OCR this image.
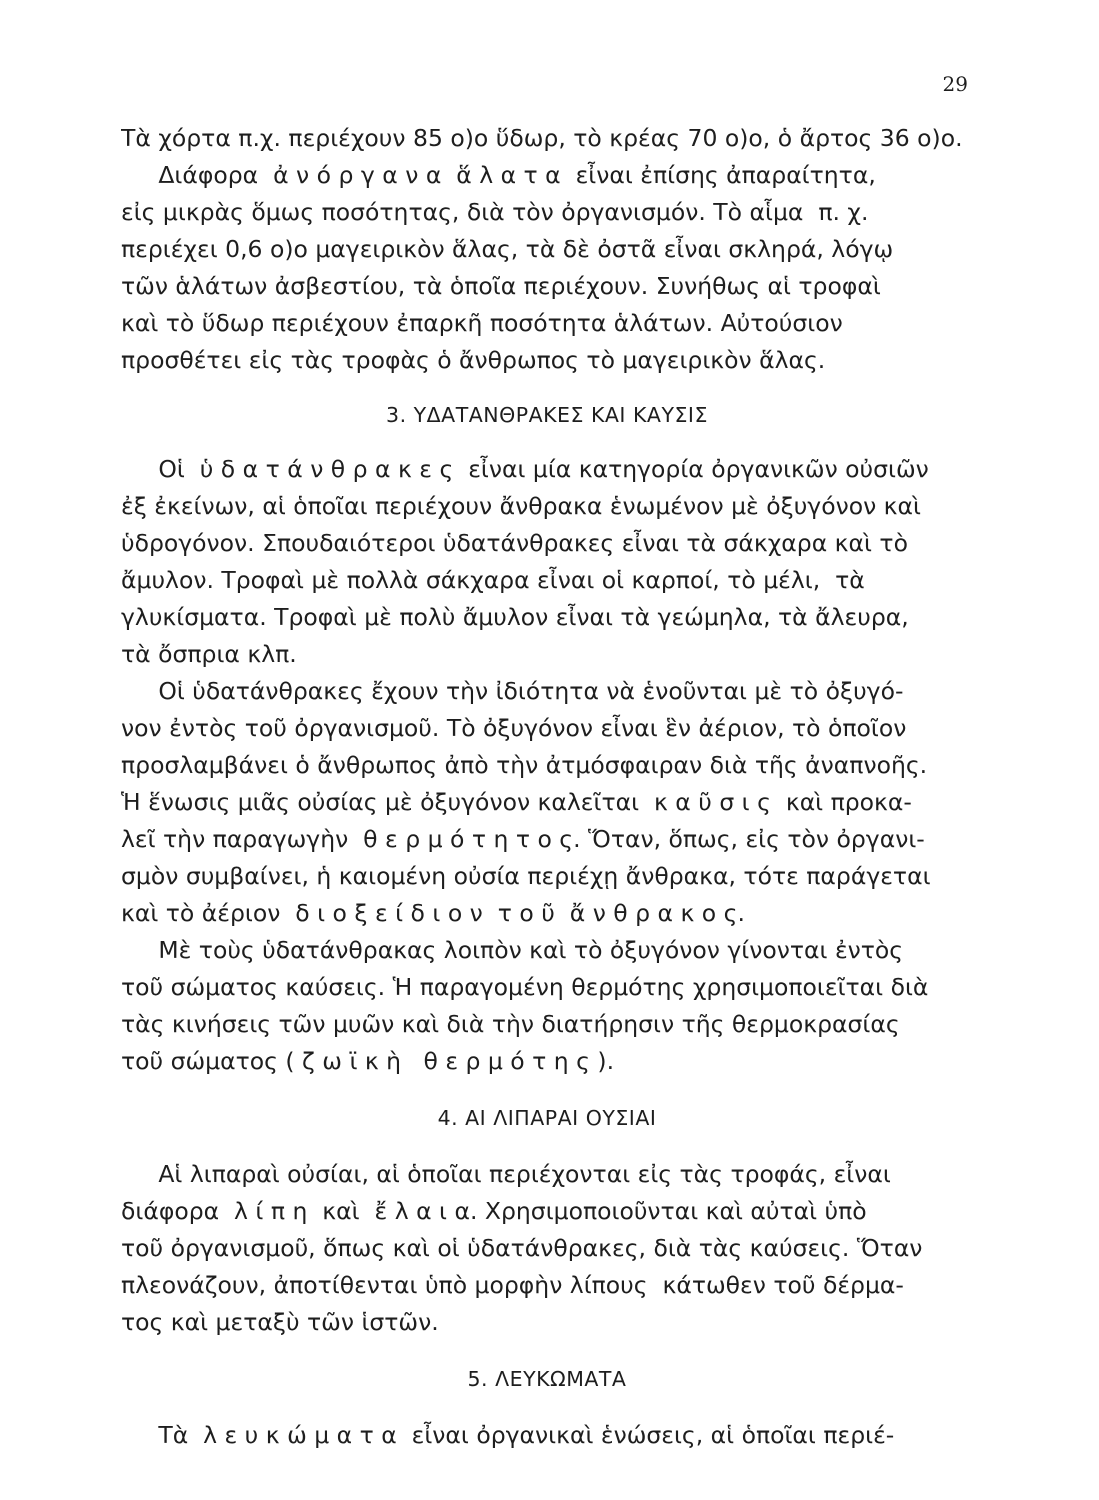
29
Τὰ χόρτα π.χ. περιέχουν 85 ο)ο ὕδωρ, τὸ κρέας 70 ο)ο, ὁ ἄρτος 36 ο)ο.
Διάφορα  ἀ ν ό ρ γ α ν α  ἅ λ α τ α  εἶναι ἐπίσης ἀπαραίτητα,
εἰς μικρὰς ὅμως ποσότητας, διὰ τὸν ὀργανισμόν. Τὸ αἷμα  π. χ.
περιέχει 0,6 ο)ο μαγειρικὸν ἅλας, τὰ δὲ ὀστᾶ εἶναι σκληρά, λόγῳ
τῶν ἁλάτων ἀσβεστίου, τὰ ὁποῖα περιέχουν. Συνήθως αἱ τροφαὶ
καὶ τὸ ὕδωρ περιέχουν ἐπαρκῆ ποσότητα ἁλάτων. Αὐτούσιον
προσθέτει εἰς τὰς τροφὰς ὁ ἄνθρωπος τὸ μαγειρικὸν ἅλας.
3. ΥΔΑΤΑΝΘΡΑΚΕΣ ΚΑΙ ΚΑΥΣΙΣ
Οἱ  ὑ δ α τ ά ν θ ρ α κ ε ς  εἶναι μία κατηγορία ὀργανικῶν οὐσιῶν
ἐξ ἐκείνων, αἱ ὁποῖαι περιέχουν ἄνθρακα ἑνωμένον μὲ ὀξυγόνον καὶ
ὑδρογόνον. Σπουδαιότεροι ὑδατάνθρακες εἶναι τὰ σάκχαρα καὶ τὸ
ἄμυλον. Τροφαὶ μὲ πολλὰ σάκχαρα εἶναι οἱ καρποί, τὸ μέλι,  τὰ
γλυκίσματα. Τροφαὶ μὲ πολὺ ἄμυλον εἶναι τὰ γεώμηλα, τὰ ἄλευρα,
τὰ ὄσπρια κλπ.
Οἱ ὑδατάνθρακες ἔχουν τὴν ἰδιότητα νὰ ἑνοῦνται μὲ τὸ ὀξυγό-
νον ἐντὸς τοῦ ὀργανισμοῦ. Τὸ ὀξυγόνον εἶναι ἓν ἀέριον, τὸ ὁποῖον
προσλαμβάνει ὁ ἄνθρωπος ἀπὸ τὴν ἀτμόσφαιραν διὰ τῆς ἀναπνοῆς.
Ἡ ἕνωσις μιᾶς οὐσίας μὲ ὀξυγόνον καλεῖται  κ α ῦ σ ι ς  καὶ προκα-
λεῖ τὴν παραγωγὴν  θ ε ρ μ ό τ η τ ο ς. Ὅταν, ὅπως, εἰς τὸν ὀργανι-
σμὸν συμβαίνει, ἡ καιομένη οὐσία περιέχῃ ἄνθρακα, τότε παράγεται
καὶ τὸ ἀέριον  δ ι ο ξ ε ί δ ι ο ν  τ ο ῦ  ἄ ν θ ρ α κ ο ς.
Μὲ τοὺς ὑδατάνθρακας λοιπὸν καὶ τὸ ὀξυγόνον γίνονται ἐντὸς
τοῦ σώματος καύσεις. Ἡ παραγομένη θερμότης χρησιμοποιεῖται διὰ
τὰς κινήσεις τῶν μυῶν καὶ διὰ τὴν διατήρησιν τῆς θερμοκρασίας
τοῦ σώματος ( ζ ω ϊ κ ὴ   θ ε ρ μ ό τ η ς ).
4. ΑΙ ΛΙΠΑΡΑΙ ΟΥΣΙΑΙ
Αἱ λιπαραὶ οὐσίαι, αἱ ὁποῖαι περιέχονται εἰς τὰς τροφάς, εἶναι
διάφορα  λ ί π η  καὶ  ἔ λ α ι α. Χρησιμοποιοῦνται καὶ αὐταὶ ὑπὸ
τοῦ ὀργανισμοῦ, ὅπως καὶ οἱ ὑδατάνθρακες, διὰ τὰς καύσεις. Ὅταν
πλεονάζουν, ἀποτίθενται ὑπὸ μορφὴν λίπους  κάτωθεν τοῦ δέρμα-
τος καὶ μεταξὺ τῶν ἱστῶν.
5. ΛΕΥΚΩΜΑΤΑ
Τὰ  λ ε υ κ ώ μ α τ α  εἶναι ὀργανικαὶ ἑνώσεις, αἱ ὁποῖαι περιέ-
